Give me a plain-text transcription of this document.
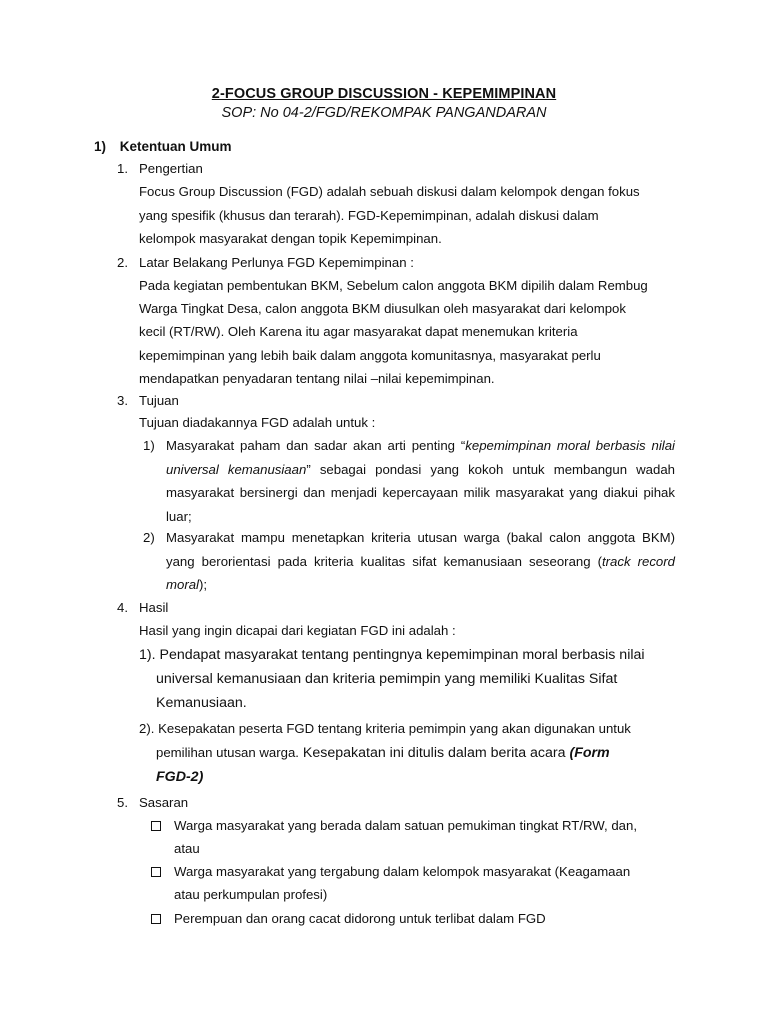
2-FOCUS GROUP DISCUSSION - KEPEMIMPINAN
SOP: No 04-2/FGD/REKOMPAK PANGANDARAN
1) Ketentuan Umum
1. Pengertian
Focus Group Discussion (FGD) adalah sebuah diskusi dalam kelompok dengan fokus
yang spesifik (khusus dan terarah). FGD-Kepemimpinan, adalah diskusi dalam
kelompok masyarakat dengan topik Kepemimpinan.
2. Latar Belakang Perlunya FGD Kepemimpinan :
Pada kegiatan pembentukan BKM, Sebelum calon anggota BKM dipilih dalam Rembug
Warga Tingkat Desa, calon anggota BKM diusulkan oleh masyarakat dari kelompok
kecil (RT/RW). Oleh Karena itu agar masyarakat dapat menemukan kriteria
kepemimpinan yang lebih baik dalam anggota komunitasnya, masyarakat perlu
mendapatkan penyadaran tentang nilai –nilai kepemimpinan.
3. Tujuan
Tujuan diadakannya FGD adalah untuk :
1) Masyarakat paham dan sadar akan arti penting “kepemimpinan moral berbasis nilai universal kemanusiaan” sebagai pondasi yang kokoh untuk membangun wadah masyarakat bersinergi dan menjadi kepercayaan milik masyarakat yang diakui pihak luar;
2) Masyarakat mampu menetapkan kriteria utusan warga (bakal calon anggota BKM) yang berorientasi pada kriteria kualitas sifat kemanusiaan seseorang (track record moral);
4. Hasil
Hasil yang ingin dicapai dari kegiatan FGD ini adalah :
1). Pendapat masyarakat tentang pentingnya kepemimpinan moral berbasis nilai
universal kemanusiaan dan kriteria pemimpin yang memiliki Kualitas Sifat
Kemanusiaan.
2). Kesepakatan peserta FGD tentang kriteria pemimpin yang akan digunakan untuk
pemilihan utusan warga. Kesepakatan ini ditulis dalam berita acara (Form
FGD-2)
5. Sasaran
Warga masyarakat yang berada dalam satuan pemukiman tingkat RT/RW, dan,
atau
Warga masyarakat yang tergabung dalam kelompok masyarakat (Keagamaan
atau perkumpulan profesi)
Perempuan dan orang cacat didorong untuk terlibat dalam FGD
